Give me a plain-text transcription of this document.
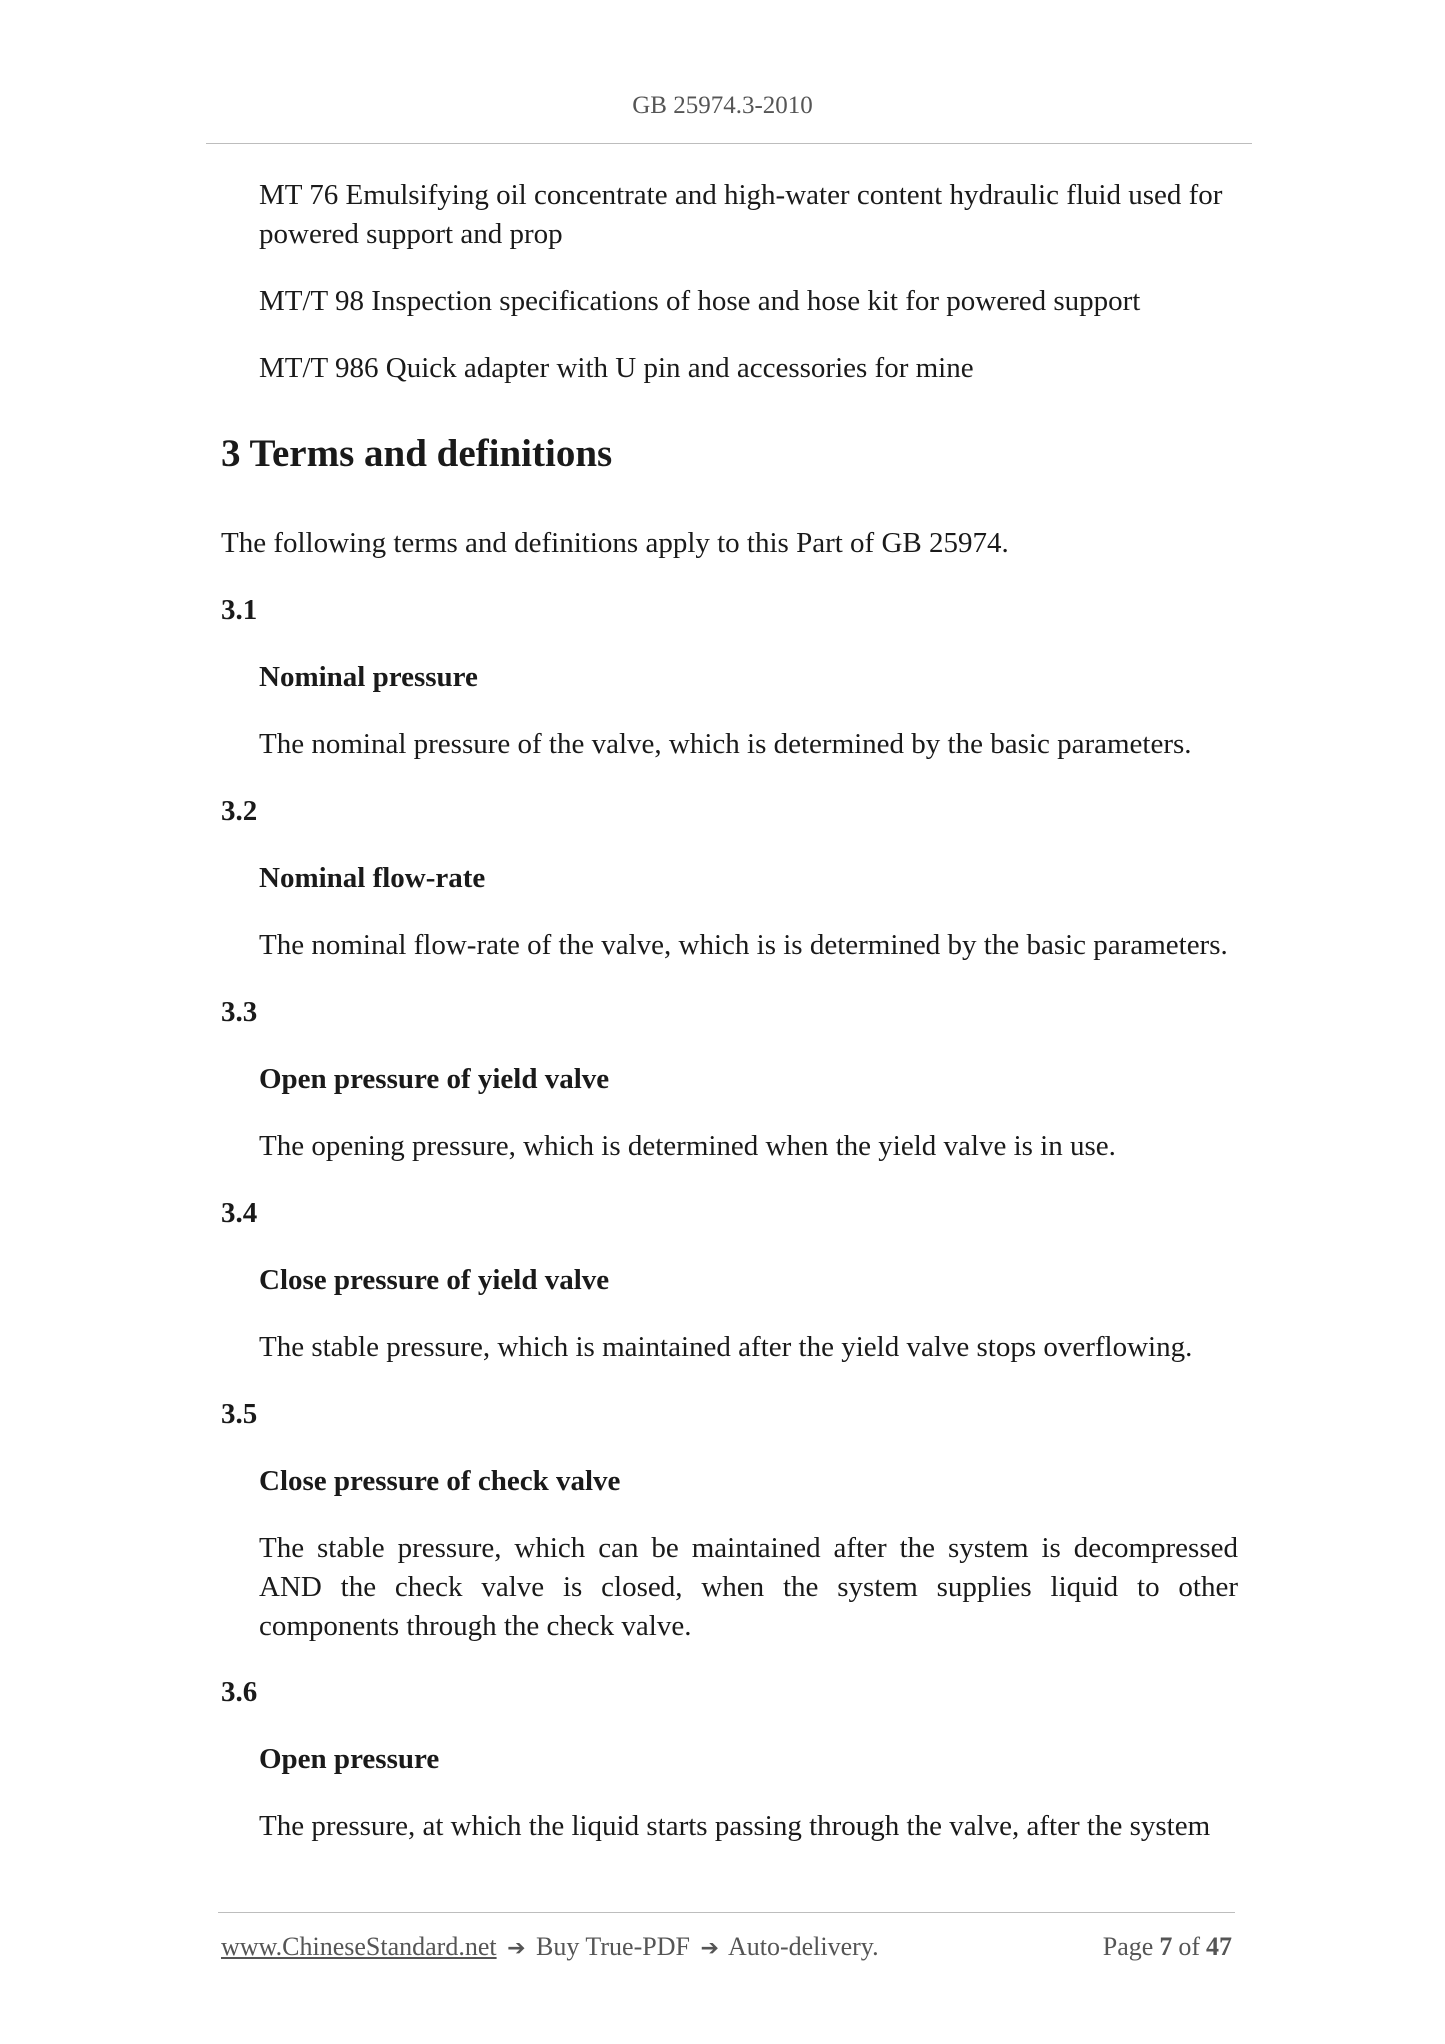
GB 25974.3-2010
MT 76 Emulsifying oil concentrate and high-water content hydraulic fluid used for
powered support and prop
MT/T 98 Inspection specifications of hose and hose kit for powered support
MT/T 986 Quick adapter with U pin and accessories for mine
3 Terms and definitions
The following terms and definitions apply to this Part of GB 25974.
3.1
Nominal pressure
The nominal pressure of the valve, which is determined by the basic parameters.
3.2
Nominal flow-rate
The nominal flow-rate of the valve, which is is determined by the basic parameters.
3.3
Open pressure of yield valve
The opening pressure, which is determined when the yield valve is in use.
3.4
Close pressure of yield valve
The stable pressure, which is maintained after the yield valve stops overflowing.
3.5
Close pressure of check valve
The stable pressure, which can be maintained after the system is decompressed AND the check valve is closed, when the system supplies liquid to other components through the check valve.
3.6
Open pressure
The pressure, at which the liquid starts passing through the valve, after the system
www.ChineseStandard.net ➔ Buy True-PDF ➔ Auto-delivery.	Page 7 of 47
